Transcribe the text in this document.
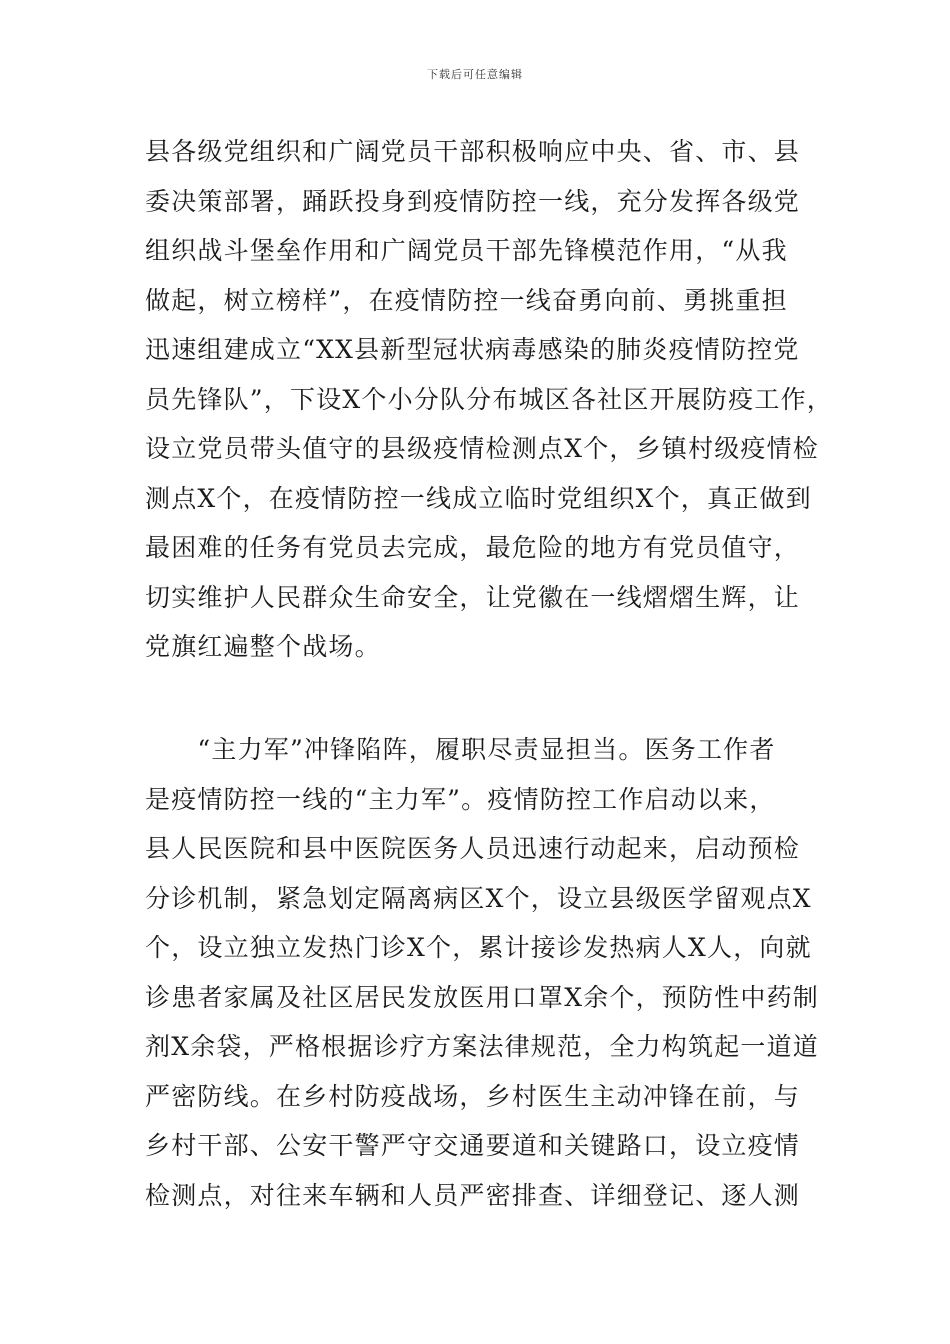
下载后可任意编辑
县各级党组织和广阔党员干部积极响应中央、省、市、县
委决策部署，踊跃投身到疫情防控一线，充分发挥各级党
组织战斗堡垒作用和广阔党员干部先锋模范作用，“从我
做起，树立榜样”，在疫情防控一线奋勇向前、勇挑重担
迅速组建成立“XX县新型冠状病毒感染的肺炎疫情防控党
员先锋队”，下设X个小分队分布城区各社区开展防疫工作，
设立党员带头值守的县级疫情检测点X个，乡镇村级疫情检
测点X个，在疫情防控一线成立临时党组织X个，真正做到
最困难的任务有党员去完成，最危险的地方有党员值守，
切实维护人民群众生命安全，让党徽在一线熠熠生辉，让
党旗红遍整个战场。
　　“主力军”冲锋陷阵，履职尽责显担当。医务工作者
是疫情防控一线的“主力军”。疫情防控工作启动以来，
县人民医院和县中医院医务人员迅速行动起来，启动预检
分诊机制，紧急划定隔离病区X个，设立县级医学留观点X
个，设立独立发热门诊X个，累计接诊发热病人X人，向就
诊患者家属及社区居民发放医用口罩X余个，预防性中药制
剂X余袋，严格根据诊疗方案法律规范，全力构筑起一道道
严密防线。在乡村防疫战场，乡村医生主动冲锋在前，与
乡村干部、公安干警严守交通要道和关键路口，设立疫情
检测点，对往来车辆和人员严密排查、详细登记、逐人测
